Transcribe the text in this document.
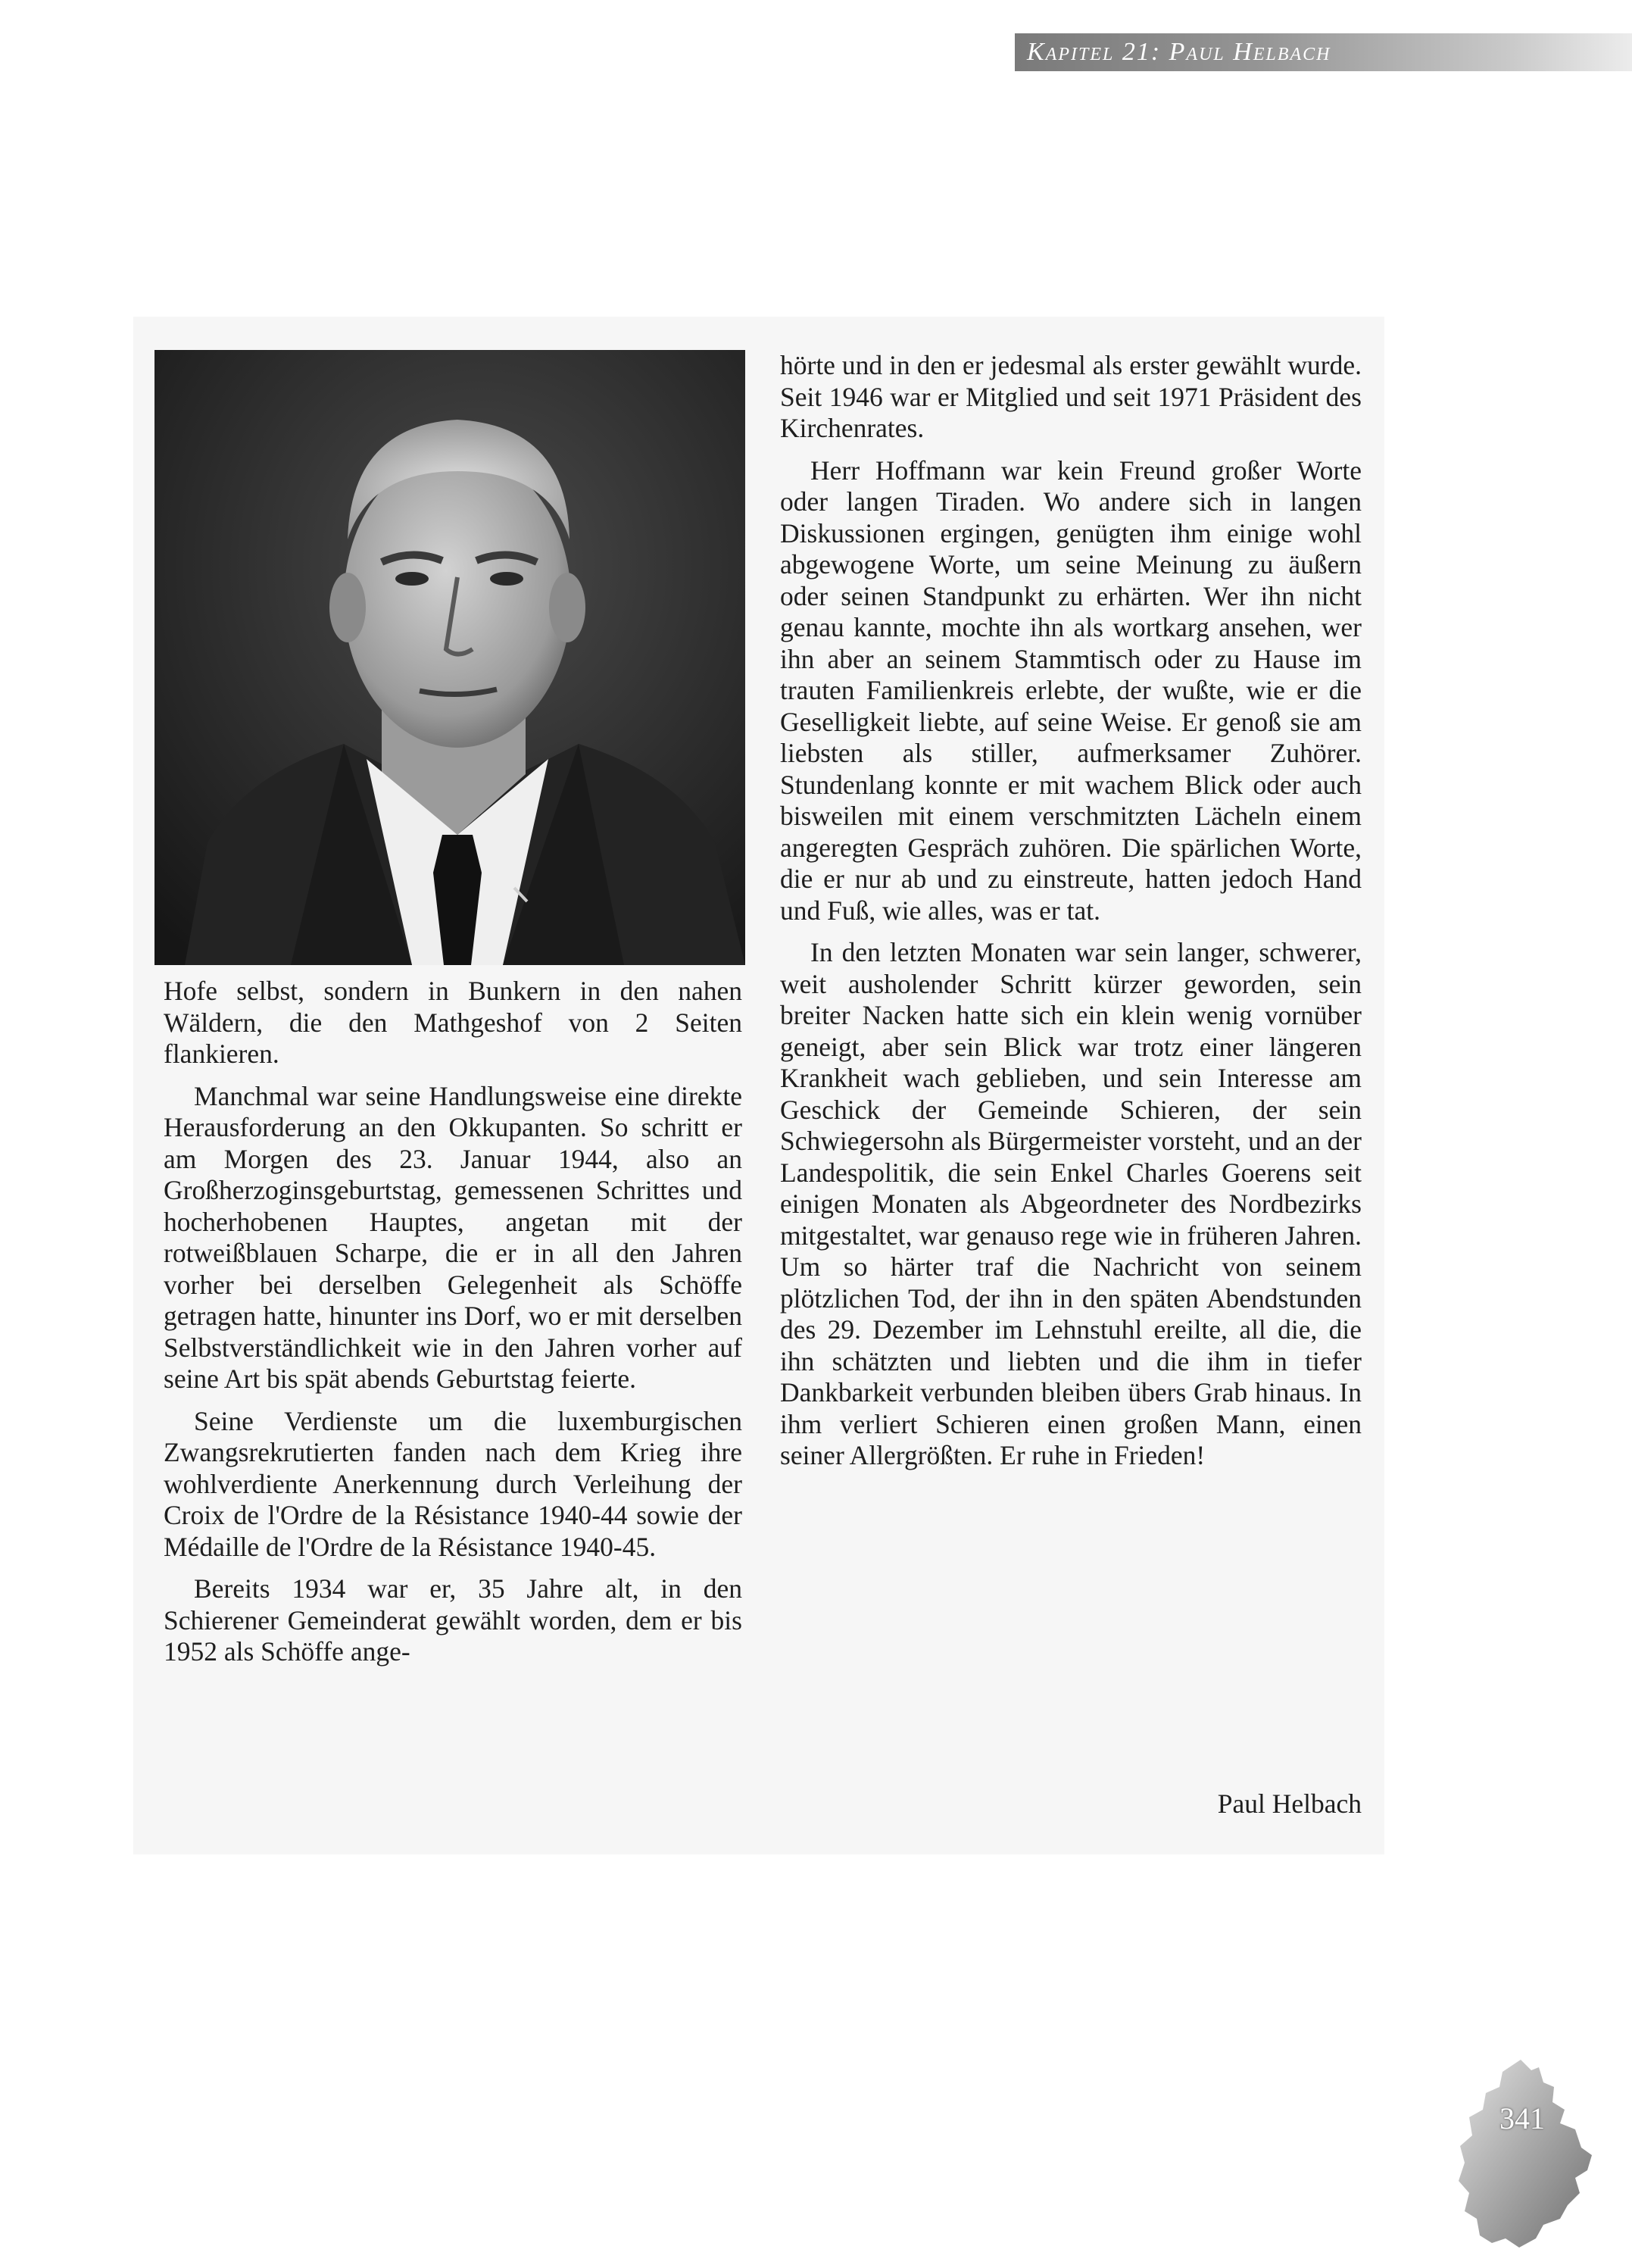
Kapitel 21: Paul Helbach

Hofe selbst, sondern in Bunkern in den nahen Wäldern, die den Mathgeshof von 2 Seiten flankieren.

Manchmal war seine Handlungsweise eine direkte Herausforderung an den Okkupanten. So schritt er am Morgen des 23. Januar 1944, also an Großherzoginsgeburtstag, gemessenen Schrittes und hocherhobenen Hauptes, angetan mit der rotweißblauen Scharpe, die er in all den Jahren vorher bei derselben Gelegenheit als Schöffe getragen hatte, hinunter ins Dorf, wo er mit derselben Selbstverständlichkeit wie in den Jahren vorher auf seine Art bis spät abends Geburtstag feierte.

Seine Verdienste um die luxemburgischen Zwangsrekrutierten fanden nach dem Krieg ihre wohlverdiente Anerkennung durch Verleihung der Croix de l'Ordre de la Résistance 1940-44 sowie der Médaille de l'Ordre de la Résistance 1940-45.

Bereits 1934 war er, 35 Jahre alt, in den Schierener Gemeinderat gewählt worden, dem er bis 1952 als Schöffe ange-

hörte und in den er jedesmal als erster gewählt wurde. Seit 1946 war er Mitglied und seit 1971 Präsident des Kirchenrates.

Herr Hoffmann war kein Freund großer Worte oder langen Tiraden. Wo andere sich in langen Diskussionen ergingen, genügten ihm einige wohl abgewogene Worte, um seine Meinung zu äußern oder seinen Standpunkt zu erhärten. Wer ihn nicht genau kannte, mochte ihn als wortkarg ansehen, wer ihn aber an seinem Stammtisch oder zu Hause im trauten Familienkreis erlebte, der wußte, wie er die Geselligkeit liebte, auf seine Weise. Er genoß sie am liebsten als stiller, aufmerksamer Zuhörer. Stundenlang konnte er mit wachem Blick oder auch bisweilen mit einem verschmitzten Lächeln einem angeregten Gespräch zuhören. Die spärlichen Worte, die er nur ab und zu einstreute, hatten jedoch Hand und Fuß, wie alles, was er tat.

In den letzten Monaten war sein langer, schwerer, weit ausholender Schritt kürzer geworden, sein breiter Nacken hatte sich ein klein wenig vornüber geneigt, aber sein Blick war trotz einer längeren Krankheit wach geblieben, und sein Interesse am Geschick der Gemeinde Schieren, der sein Schwiegersohn als Bürgermeister vorsteht, und an der Landespolitik, die sein Enkel Charles Goerens seit einigen Monaten als Abgeordneter des Nordbezirks mitgestaltet, war genauso rege wie in früheren Jahren. Um so härter traf die Nachricht von seinem plötzlichen Tod, der ihn in den späten Abendstunden des 29. Dezember im Lehnstuhl ereilte, all die, die ihn schätzten und liebten und die ihm in tiefer Dankbarkeit verbunden bleiben übers Grab hinaus. In ihm verliert Schieren einen großen Mann, einen seiner Allergrößten. Er ruhe in Frieden!

Paul Helbach
341
